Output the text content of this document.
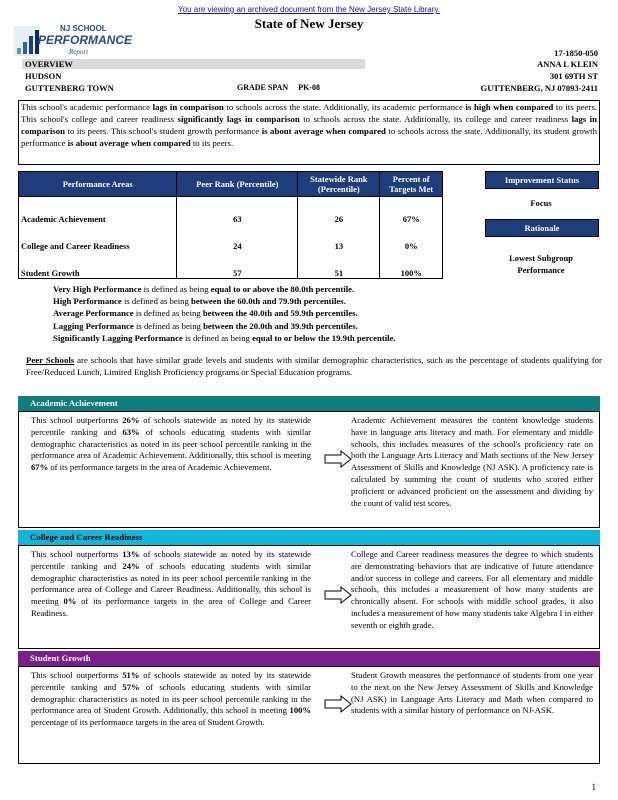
You are viewing an archived document from the New Jersey State Library.
NJ SCHOOL
PERFORMANCE
Report
State of New Jersey
17-1850-050
OVERVIEW
HUDSON
GUTTENBERG TOWN	GRADE SPAN PK-08
ANNA L KLEIN
301 69TH ST
GUTTENBERG, NJ 07093-2411
This school's academic performance lags in comparison to schools across the state. Additionally, its academic performance is high when compared to its peers. This school's college and career readiness significantly lags in comparison to schools across the state. Additionally, its college and career readiness lags in comparison to its peers. This school's student growth performance is about average when compared to schools across the state. Additionally, its student growth performance is about average when compared to its peers.
Performance Areas	Peer Rank (Percentile)	Statewide Rank (Percentile)	Percent of Targets Met
Academic Achievement	63	26	67%
College and Career Readiness	24	13	0%
Student Growth	57	51	100%
Improvement Status
Focus
Rationale
Lowest Subgroup Performance
Very High Performance is defined as being equal to or above the 80.0th percentile.
High Performance is defined as being between the 60.0th and 79.9th percentiles.
Average Performance is defined as being between the 40.0th and 59.9th percentiles.
Lagging Performance is defined as being between the 20.0th and 39.9th percentiles.
Significantly Lagging Performance is defined as being equal to or below the 19.9th percentile.
Peer Schools are schools that have similar grade levels and students with similar demographic characteristics, such as the percentage of students qualifying for Free/Reduced Lunch, Limited English Proficiency programs or Special Education programs.
Academic Achievement
This school outperforms 26% of schools statewide as noted by its statewide percentile ranking and 63% of schools educating students with similar demographic characteristics as noted in its peer school percentile ranking in the performance area of Academic Achievement. Additionally, this school is meeting 67% of its performance targets in the area of Academic Achievement.
Academic Achievement measures the content knowledge students have in language arts literacy and math. For elementary and middle schools, this includes measures of the school's proficiency rate on both the Language Arts Literacy and Math sections of the New Jersey Assessment of Skills and Knowledge (NJ ASK). A proficiency rate is calculated by summing the count of students who scored either proficient or advanced proficient on the assessment and dividing by the count of valid test scores.
College and Career Readiness
This school outperforms 13% of schools statewide as noted by its statewide percentile ranking and 24% of schools educating students with similar demographic characteristics as noted in its peer school percentile ranking in the performance area of College and Career Readiness. Additionally, this school is meeting 0% of its performance targets in the area of College and Career Readiness.
College and Career readiness measures the degree to which students are demonstrating behaviors that are indicative of future attendance and/or success in college and careers. For all elementary and middle schools, this includes a measurement of how many students are chronically absent. For schools with middle school grades, it also includes a measurement of how many students take Algebra I in either seventh or eighth grade.
Student Growth
This school outperforms 51% of schools statewide as noted by its statewide percentile ranking and 57% of schools educating students with similar demographic characteristics as noted in its peer school percentile ranking in the performance area of Student Growth. Additionally, this school is meeting 100% percentage of its performance targets in the area of Student Growth.
Student Growth measures the performance of students from one year to the next on the New Jersey Assessment of Skills and Knowledge (NJ ASK) in Language Arts Literacy and Math when compared to students with a similar history of performance on NJ-ASK.
1
